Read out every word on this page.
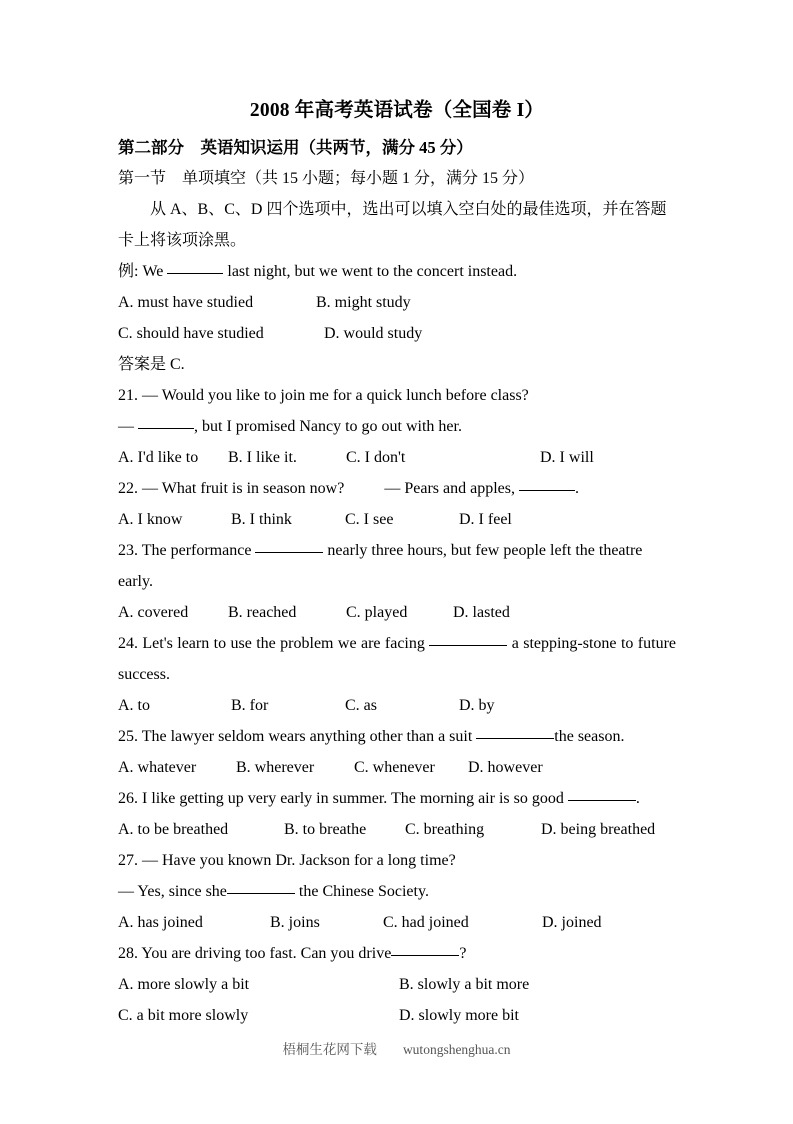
2008 年高考英语试卷（全国卷 I）
第二部分　英语知识运用（共两节，满分 45 分）
第一节　单项填空（共 15 小题；每小题 1 分，满分 15 分）
从 A、B、C、D 四个选项中，选出可以填入空白处的最佳选项，并在答题
卡上将该项涂黑。
例: We	last night, but we went to the concert instead.

A. must have studied

	B. might study

C. should have studied

	D. would study

答案是 C.
21. — Would you like to join me for a quick lunch before class?
—	, but I promised Nancy to go out with her.

A. I'd like to

B. I like it.

	C. I don't

	D. I will

22. — What fruit is in season now?	— Pears and apples,	.

A. I know

	B. I think

	C. I see

	D. I feel

23. The performance	nearly three hours, but few people left the theatre early.

A. covered

B. reached

	C. played

	D. lasted

24. Let's learn to use the problem we are facing	a stepping-stone to future success.

A. to

	B. for

	C. as

	D. by

25. The lawyer seldom wears anything other than a suit	the season.

A. whatever

B. wherever

C. whenever

D. however

26. I like getting up very early in summer. The morning air is so good	.

A. to be breathed

	B. to breathe

C. breathing

	D. being breathed

27. — Have you known Dr. Jackson for a long time?
— Yes, since she	the Chinese Society.

A. has joined

	B. joins

	C. had joined

	D. joined

28. You are driving too fast. Can you drive	?

A. more slowly a bit

	B. slowly a bit more

C. a bit more slowly

	D. slowly more bit

梧桐生花网下载 wutongshenghua.cn
